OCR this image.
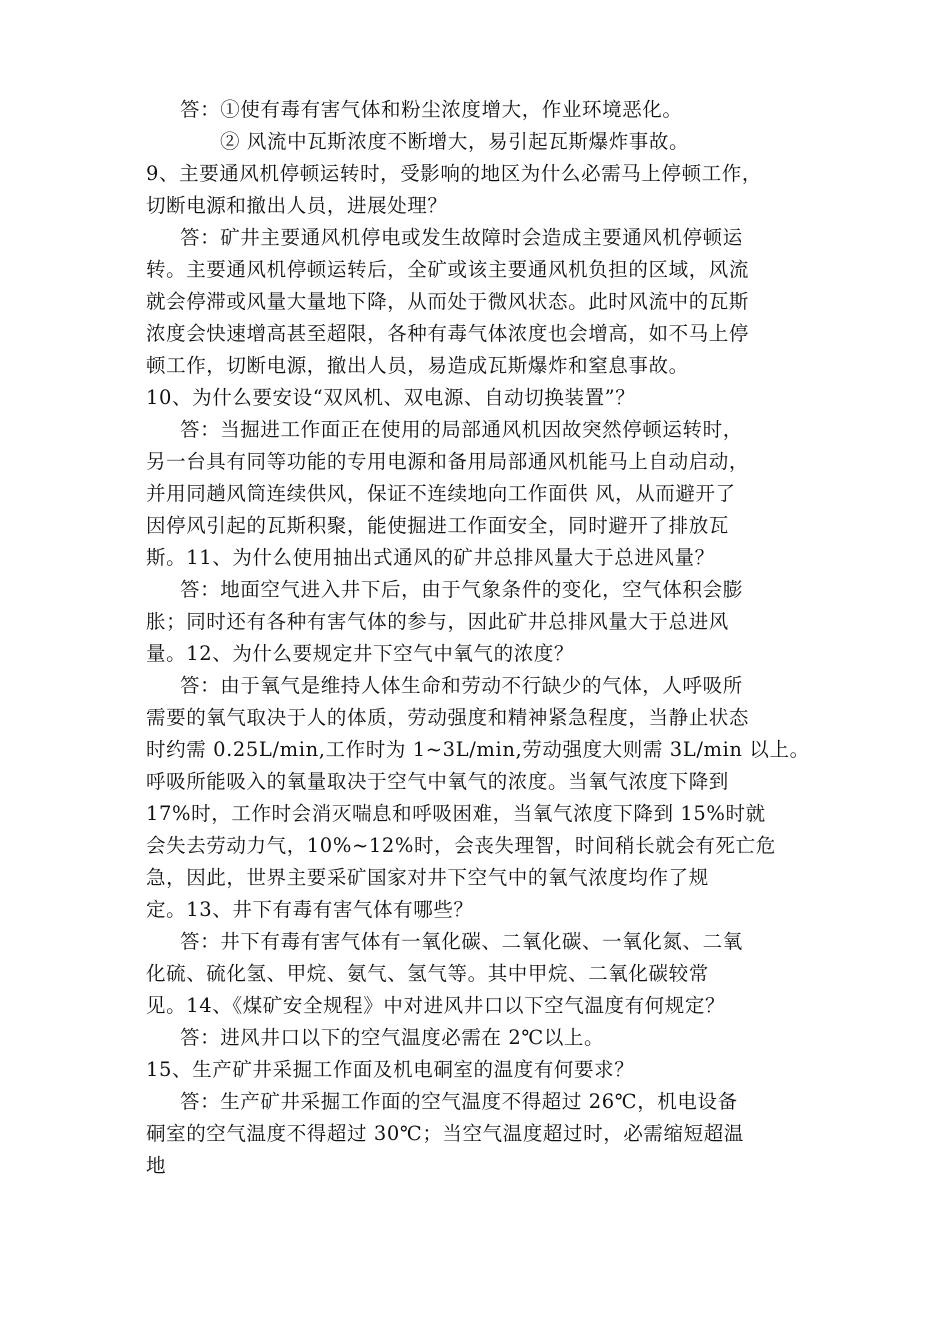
答：①使有毒有害气体和粉尘浓度增大，作业环境恶化。
② 风流中瓦斯浓度不断增大，易引起瓦斯爆炸事故。
9、主要通风机停顿运转时，受影响的地区为什么必需马上停顿工作，
切断电源和撤出人员，进展处理？
答：矿井主要通风机停电或发生故障时会造成主要通风机停顿运
转。主要通风机停顿运转后，全矿或该主要通风机负担的区域，风流
就会停滞或风量大量地下降，从而处于微风状态。此时风流中的瓦斯
浓度会快速增高甚至超限，各种有毒气体浓度也会增高，如不马上停
顿工作，切断电源，撤出人员，易造成瓦斯爆炸和窒息事故。
10、为什么要安设“双风机、双电源、自动切换装置”？
答：当掘进工作面正在使用的局部通风机因故突然停顿运转时，
另一台具有同等功能的专用电源和备用局部通风机能马上自动启动，
并用同趟风筒连续供风，保证不连续地向工作面供 风，从而避开了
因停风引起的瓦斯积聚，能使掘进工作面安全，同时避开了排放瓦
斯。11、为什么使用抽出式通风的矿井总排风量大于总进风量？
答：地面空气进入井下后，由于气象条件的变化，空气体积会膨
胀；同时还有各种有害气体的参与，因此矿井总排风量大于总进风
量。12、为什么要规定井下空气中氧气的浓度？
答：由于氧气是维持人体生命和劳动不行缺少的气体，人呼吸所
需要的氧气取决于人的体质，劳动强度和精神紧急程度，当静止状态
时约需 0.25L/min,工作时为 1~3L/min,劳动强度大则需 3L/min 以上。
呼吸所能吸入的氧量取决于空气中氧气的浓度。当氧气浓度下降到
17%时，工作时会消灭喘息和呼吸困难，当氧气浓度下降到 15%时就
会失去劳动力气，10%~12%时，会丧失理智，时间稍长就会有死亡危
急，因此，世界主要采矿国家对井下空气中的氧气浓度均作了规
定。13、井下有毒有害气体有哪些？
答：井下有毒有害气体有一氧化碳、二氧化碳、一氧化氮、二氧
化硫、硫化氢、甲烷、氨气、氢气等。其中甲烷、二氧化碳较常
见。14、《煤矿安全规程》中对进风井口以下空气温度有何规定？
答：进风井口以下的空气温度必需在 2℃以上。
15、生产矿井采掘工作面及机电硐室的温度有何要求？
答：生产矿井采掘工作面的空气温度不得超过 26℃，机电设备
硐室的空气温度不得超过 30℃；当空气温度超过时，必需缩短超温
地
